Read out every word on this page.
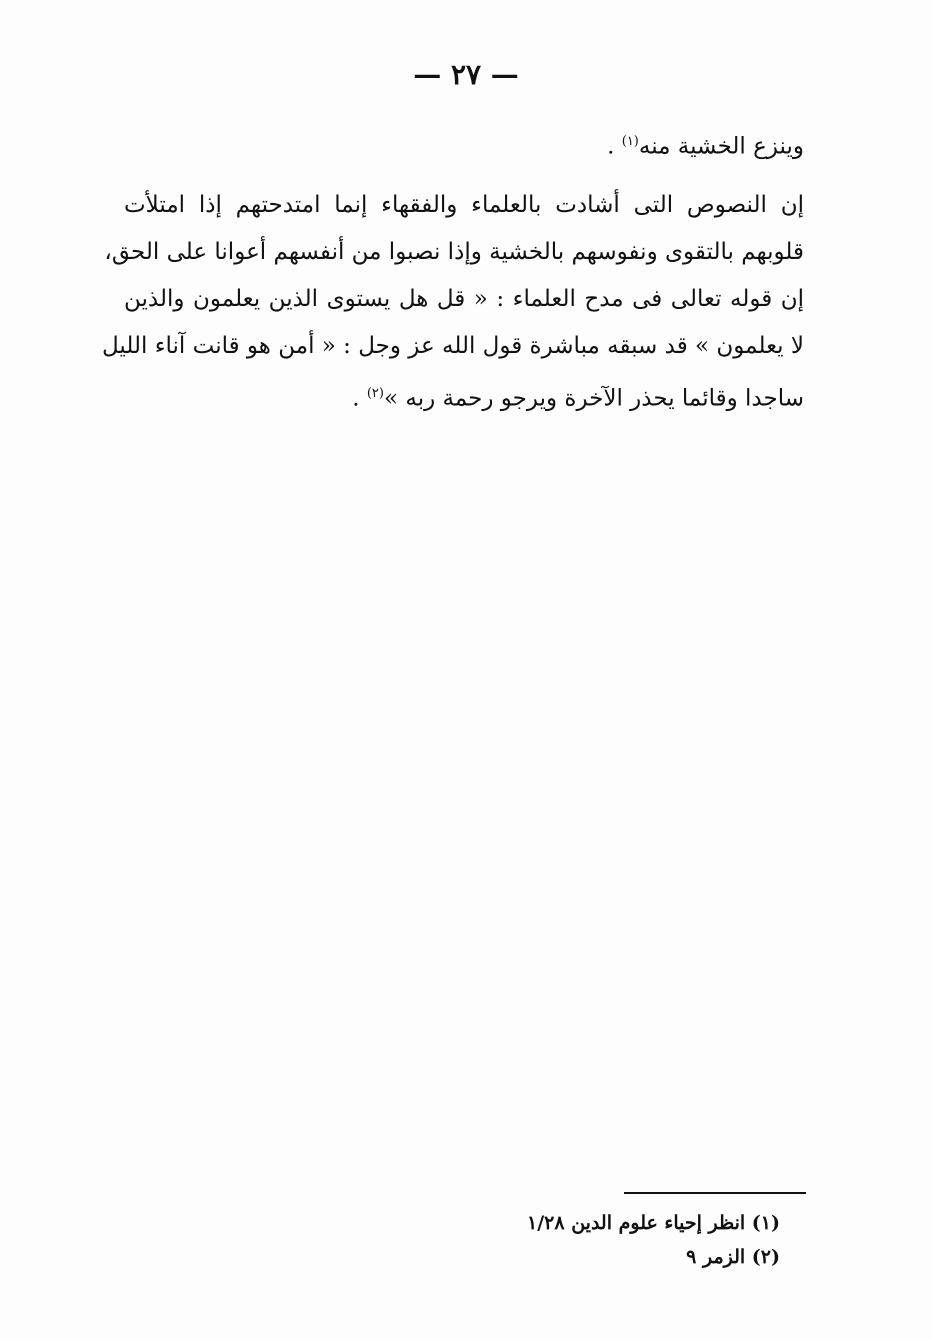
— ٢٧ —
وينزع الخشية منه$^{(١)}$ .
إن النصوص التى أشادت بالعلماء والفقهاء إنما امتدحتهم إذا امتلأت
قلوبهم بالتقوى ونفوسهم بالخشية وإذا نصبوا من أنفسهم أعوانا على الحق،
إن قوله تعالى فى مدح العلماء : « قل هل يستوى الذين يعلمون والذين
لا يعلمون » قد سبقه مباشرة قول الله عز وجل : « أمن هو قانت آناء الليل
ساجدا وقائما يحذر الآخرة ويرجو رحمة ربه »$^{(٢)}$ .
(١) انظر إحياء علوم الدين ١/٢٨
(٢) الزمر ٩
